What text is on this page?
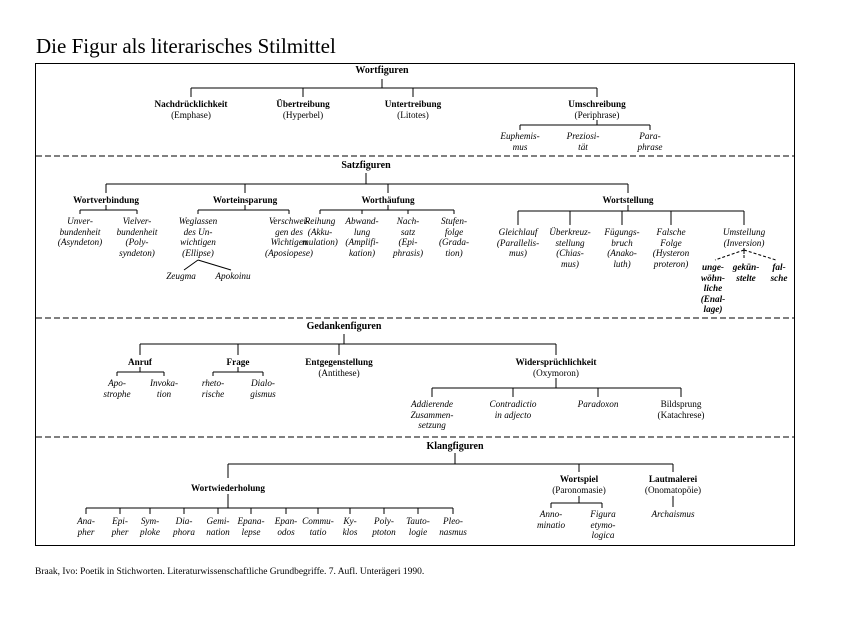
Die Figur als literarisches Stilmittel
Wortfiguren
Nachdrücklichkeit
(Emphase)
Übertreibung
(Hyperbel)
Untertreibung
(Litotes)
Umschreibung
(Periphrase)
Euphemis-
mus
Preziosi-
tät
Para-
phrase
Satzfiguren
Wortverbindung
Unver-
bundenheit
(Asyndeton)
Vielver-
bundenheit
(Poly-
syndeton)
Worteinsparung
Weglassen
des Un-
wichtigen
(Ellipse)
Verschwei-
gen des
Wichtigen
(Aposiopese)
Zeugma Apokoinu
Worthäufung
Reihung
(Akku-
mulation)
Abwand-
lung
(Amplifi-
kation)
Nach-
satz
(Epi-
phrasis)
Stufen-
folge
(Grada-
tion)
Wortstellung
Gleichlauf
(Parallelis-
mus)
Überkreuz-
stellung
(Chias-
mus)
Fügungs-
bruch
(Anako-
luth)
Falsche
Folge
(Hysteron
proteron)
Umstellung
(Inversion)
unge-
wöhn-
liche
(Enal-
lage)
gekün-
stelte
fal-
sche
Gedankenfiguren
Anruf
Apo-
strophe
Invoka-
tion
Frage
rheto-
rische
Dialo-
gismus
Entgegenstellung
(Antithese)
Widersprüchlichkeit
(Oxymoron)
Addierende
Zusammen-
setzung
Contradictio
in adjecto
Paradoxon	Bildsprung
(Katachrese)
Klangfiguren
Wortwiederholung
Ana-
pher
Epi-
pher
Sym-
ploke
Dia-
phora
Gemi-
nation
Epana-
lepse
Epan-
odos
Commu-
tatio
Ky-
klos
Poly-
ptoton
Tauto-
logie
Pleo-
nasmus
Wortspiel
(Paronomasie)
Anno-
minatio
Figura
etymo-
logica
Lautmalerei
(Onomatopöie)
Archaismus
Braak, Ivo: Poetik in Stichworten. Literaturwissenschaftliche Grundbegriffe. 7. Aufl. Unterägeri 1990.
